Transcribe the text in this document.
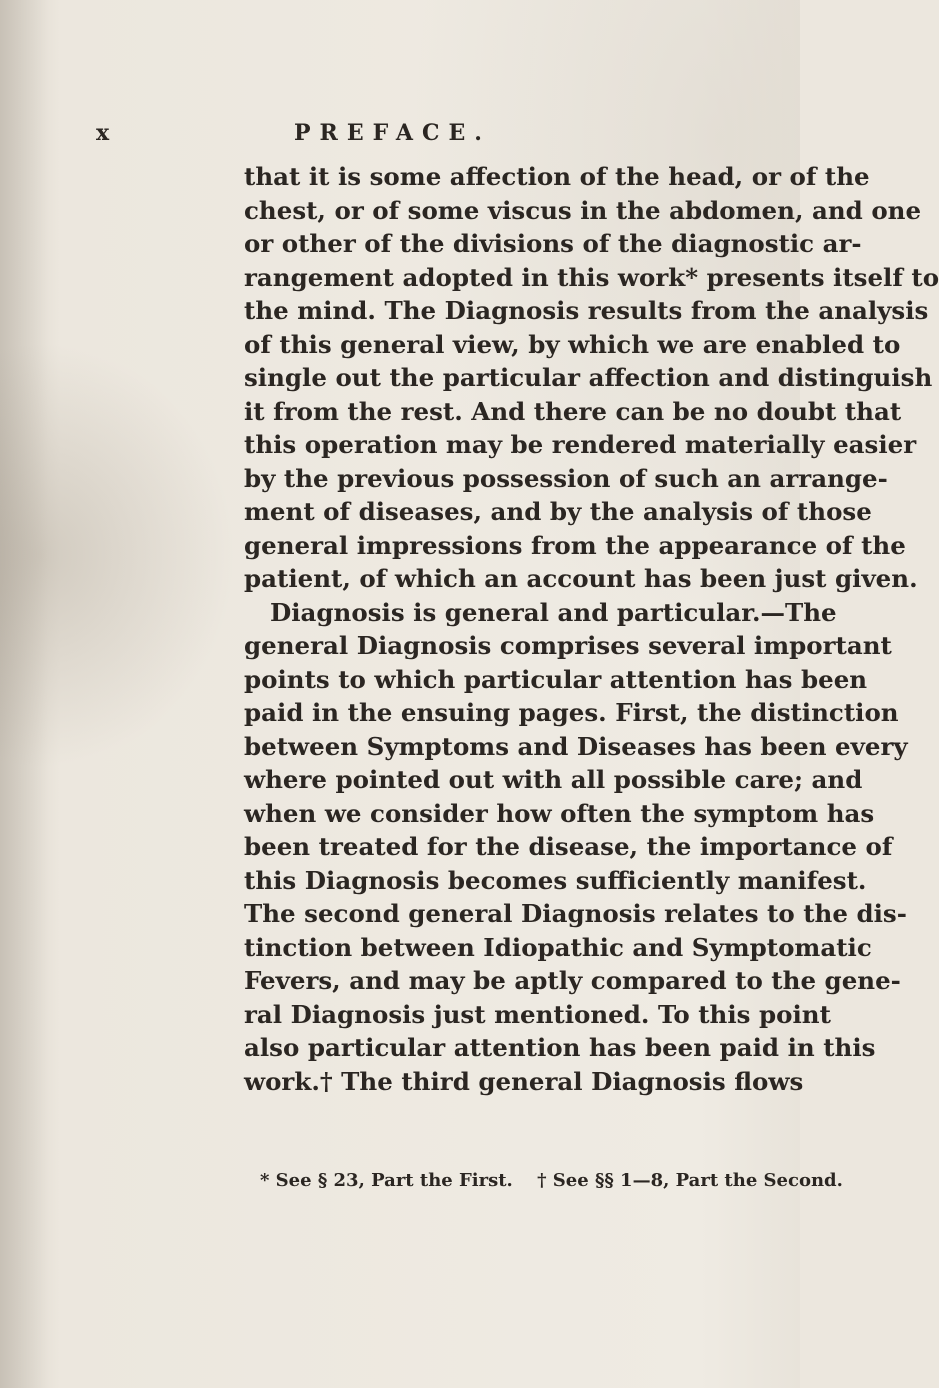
x	PREFACE.
that it is some affection of the head, or of the
chest, or of some viscus in the abdomen, and one
or other of the divisions of the diagnostic ar-
rangement adopted in this work* presents itself to
the mind. The Diagnosis results from the analysis
of this general view, by which we are enabled to
single out the particular affection and distinguish
it from the rest. And there can be no doubt that
this operation may be rendered materially easier
by the previous possession of such an arrange-
ment of diseases, and by the analysis of those
general impressions from the appearance of the
patient, of which an account has been just given.
Diagnosis is general and particular.—The
general Diagnosis comprises several important
points to which particular attention has been
paid in the ensuing pages. First, the distinction
between Symptoms and Diseases has been every
where pointed out with all possible care; and
when we consider how often the symptom has
been treated for the disease, the importance of
this Diagnosis becomes sufficiently manifest.
The second general Diagnosis relates to the dis-
tinction between Idiopathic and Symptomatic
Fevers, and may be aptly compared to the gene-
ral Diagnosis just mentioned. To this point
also particular attention has been paid in this
work.† The third general Diagnosis flows
* See § 23, Part the First. † See §§ 1—8, Part the Second.
